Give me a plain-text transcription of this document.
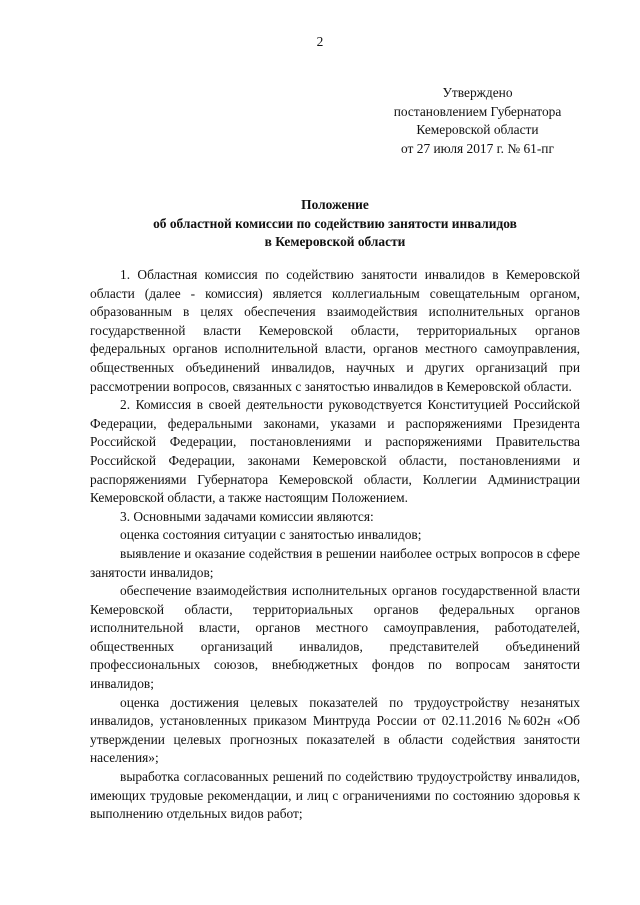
2
Утверждено
постановлением Губернатора
Кемеровской области
от 27 июля 2017 г. № 61-пг
Положение
об областной комиссии по содействию занятости инвалидов
в Кемеровской области

1. Областная комиссия по содействию занятости инвалидов в Кемеровской области (далее - комиссия) является коллегиальным совещательным органом, образованным в целях обеспечения взаимодействия исполнительных органов государственной власти Кемеровской области, территориальных органов федеральных органов исполнительной власти, органов местного самоуправления, общественных объединений инвалидов, научных и других организаций при рассмотрении вопросов, связанных с занятостью инвалидов в Кемеровской области.

2. Комиссия в своей деятельности руководствуется Конституцией Российской Федерации, федеральными законами, указами и распоряжениями Президента Российской Федерации, постановлениями и распоряжениями Правительства Российской Федерации, законами Кемеровской области, постановлениями и распоряжениями Губернатора Кемеровской области, Коллегии Администрации Кемеровской области, а также настоящим Положением.

3. Основными задачами комиссии являются:

оценка состояния ситуации с занятостью инвалидов;

выявление и оказание содействия в решении наиболее острых вопросов в сфере занятости инвалидов;

обеспечение взаимодействия исполнительных органов государственной власти Кемеровской области, территориальных органов федеральных органов исполнительной власти, органов местного самоуправления, работодателей, общественных организаций инвалидов, представителей объединений профессиональных союзов, внебюджетных фондов по вопросам занятости инвалидов;

оценка достижения целевых показателей по трудоустройству незанятых инвалидов, установленных приказом Минтруда России от 02.11.2016 №602н «Об утверждении целевых прогнозных показателей в области содействия занятости населения»;

выработка согласованных решений по содействию трудоустройству инвалидов, имеющих трудовые рекомендации, и лиц с ограничениями по состоянию здоровья к выполнению отдельных видов работ;
